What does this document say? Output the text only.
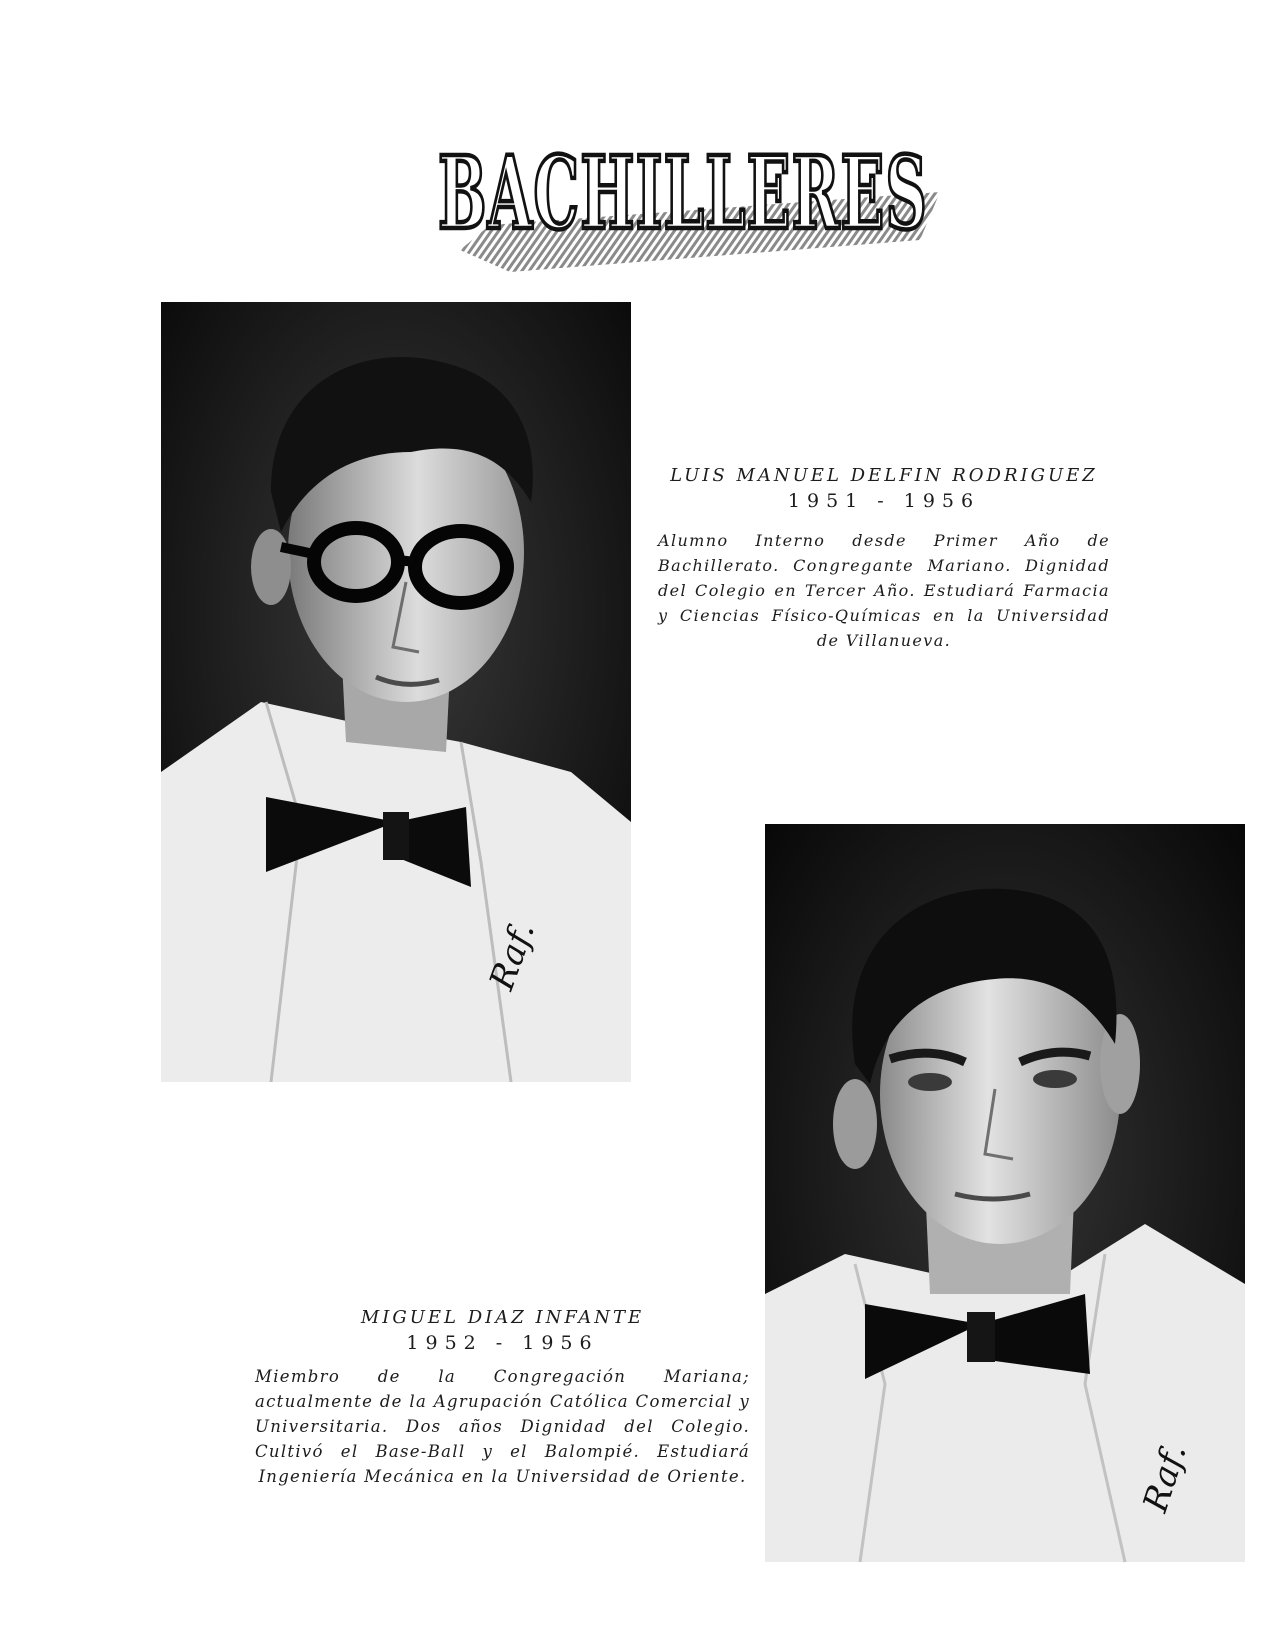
BACHILLERES
Raf.
LUIS MANUEL DELFIN RODRIGUEZ
1951 - 1956
Alumno Interno desde Primer Año de Bachillerato. Congregante Mariano. Dignidad del Colegio en Tercer Año. Estudiará Farmacia y Ciencias Físico-Químicas en la Universidad de Villanueva.
Raf.
MIGUEL DIAZ INFANTE
1952 - 1956
Miembro de la Congregación Mariana; actualmente de la Agrupación Católica Comercial y Universitaria. Dos años Dignidad del Colegio. Cultivó el Base-Ball y el Balompié. Estudiará Ingeniería Mecánica en la Universidad de Oriente.
